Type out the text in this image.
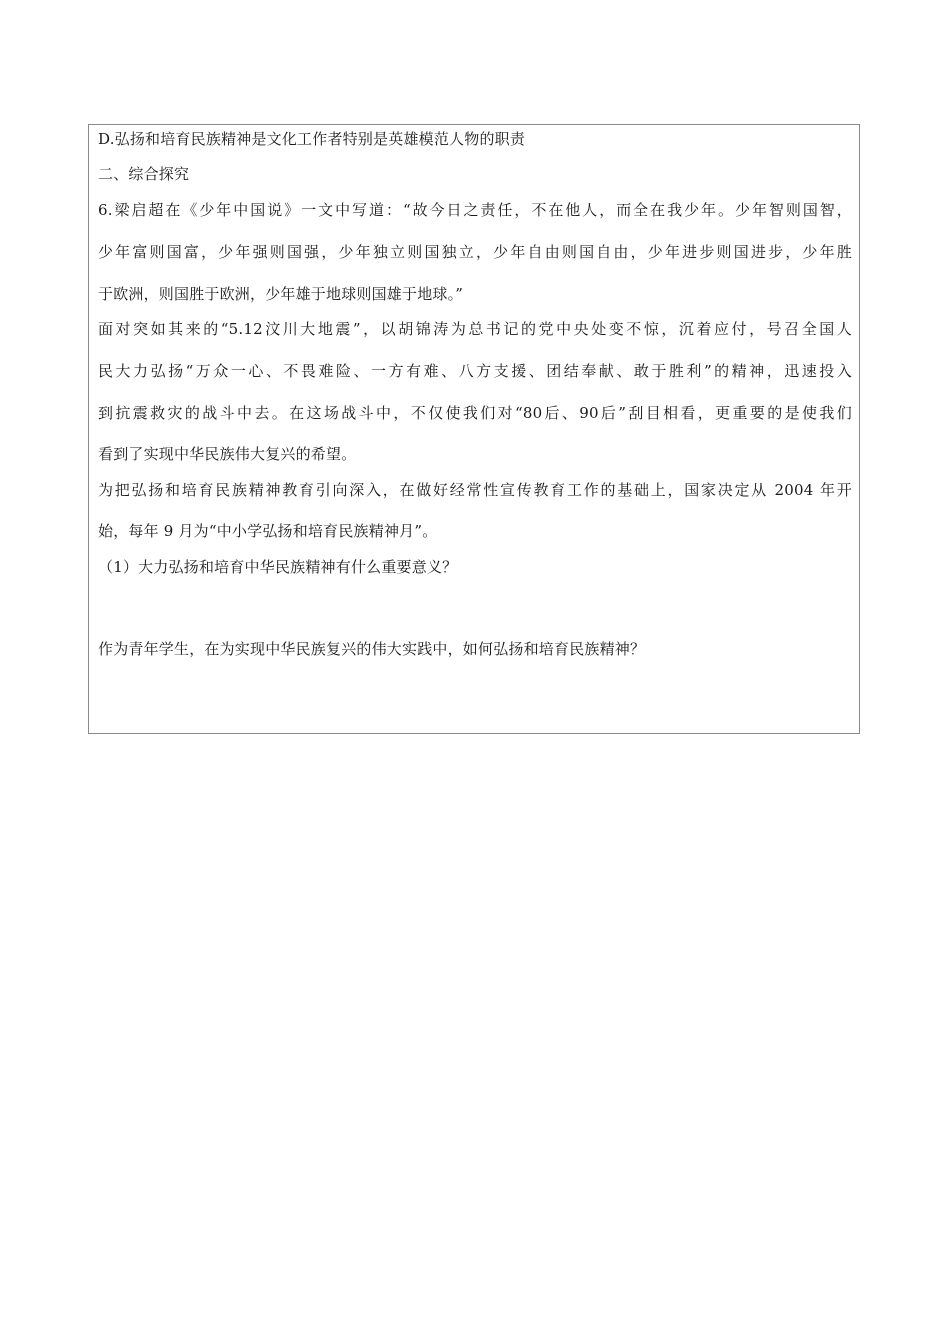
D.弘扬和培育民族精神是文化工作者特别是英雄模范人物的职责
二、综合探究
6.梁启超在《少年中国说》一文中写道：“故今日之责任，不在他人，而全在我少年。少年智则国智，
少年富则国富，少年强则国强，少年独立则国独立，少年自由则国自由，少年进步则国进步，少年胜
于欧洲，则国胜于欧洲，少年雄于地球则国雄于地球。”
面对突如其来的“5.12汶川大地震”，以胡锦涛为总书记的党中央处变不惊，沉着应付，号召全国人
民大力弘扬“万众一心、不畏难险、一方有难、八方支援、团结奉献、敢于胜利”的精神，迅速投入
到抗震救灾的战斗中去。在这场战斗中，不仅使我们对“80后、90后”刮目相看，更重要的是使我们
看到了实现中华民族伟大复兴的希望。
为把弘扬和培育民族精神教育引向深入，在做好经常性宣传教育工作的基础上，国家决定从 2004 年开
始，每年 9 月为“中小学弘扬和培育民族精神月”。
（1）大力弘扬和培育中华民族精神有什么重要意义？
作为青年学生，在为实现中华民族复兴的伟大实践中，如何弘扬和培育民族精神？
